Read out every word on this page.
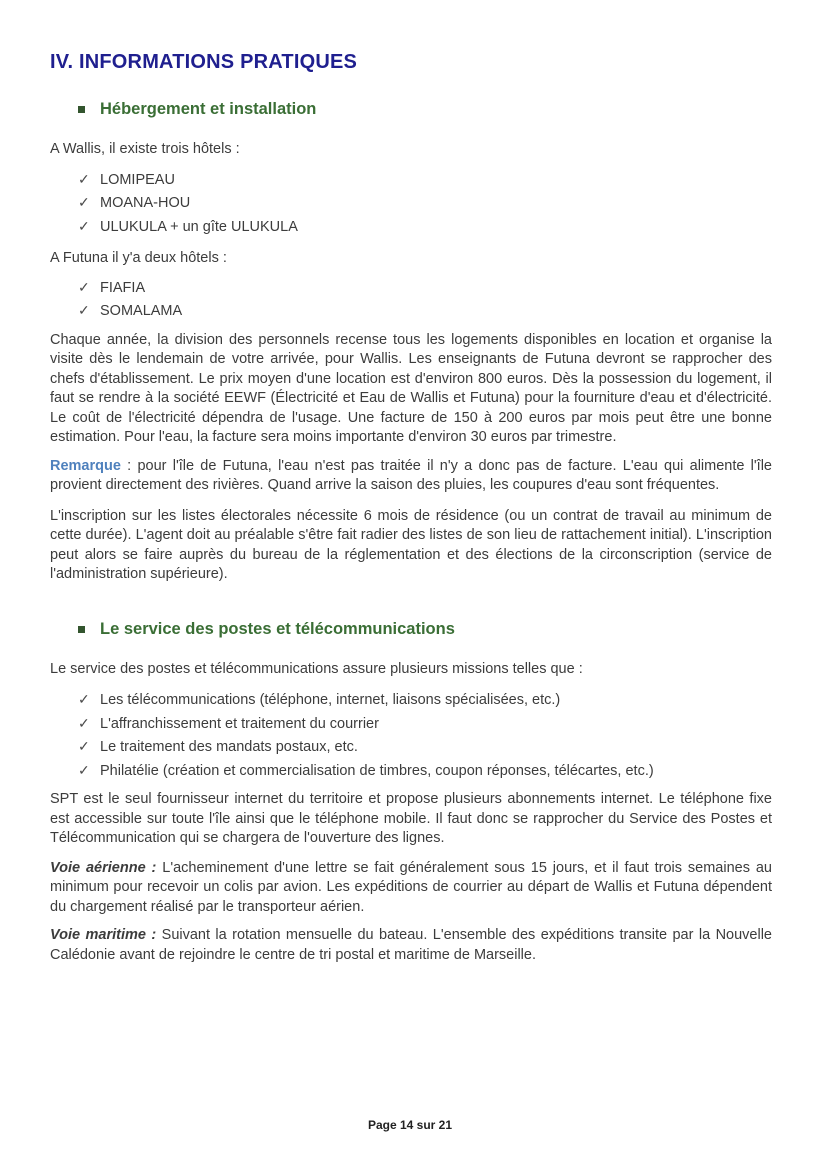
IV. INFORMATIONS PRATIQUES
Hébergement et installation

A Wallis, il existe trois hôtels :

✓ LOMIPEAU
✓ MOANA-HOU
✓ ULUKULA + un gîte ULUKULA

A Futuna il y'a deux hôtels :

✓ FIAFIA
✓ SOMALAMA

Chaque année, la division des personnels recense tous les logements disponibles en location et organise la visite dès le lendemain de votre arrivée, pour Wallis. Les enseignants de Futuna devront se rapprocher des chefs d'établissement. Le prix moyen d'une location est d'environ 800 euros. Dès la possession du logement, il faut se rendre à la société EEWF (Électricité et Eau de Wallis et Futuna) pour la fourniture d'eau et d'électricité. Le coût de l'électricité dépendra de l'usage. Une facture de 150 à 200 euros par mois peut être une bonne estimation. Pour l'eau, la facture sera moins importante d'environ 30 euros par trimestre.

Remarque : pour l'île de Futuna, l'eau n'est pas traitée il n'y a donc pas de facture. L'eau qui alimente l'île provient directement des rivières. Quand arrive la saison des pluies, les coupures d'eau sont fréquentes.

L'inscription sur les listes électorales nécessite 6 mois de résidence (ou un contrat de travail au minimum de cette durée). L'agent doit au préalable s'être fait radier des listes de son lieu de rattachement initial). L'inscription peut alors se faire auprès du bureau de la réglementation et des élections de la circonscription (service de l'administration supérieure).

Le service des postes et télécommunications

Le service des postes et télécommunications assure plusieurs missions telles que :

✓ Les télécommunications (téléphone, internet, liaisons spécialisées, etc.)
✓ L'affranchissement et traitement du courrier
✓ Le traitement des mandats postaux, etc.
✓ Philatélie (création et commercialisation de timbres, coupon réponses, télécartes, etc.)

SPT est le seul fournisseur internet du territoire et propose plusieurs abonnements internet. Le téléphone fixe est accessible sur toute l'île ainsi que le téléphone mobile. Il faut donc se rapprocher du Service des Postes et Télécommunication qui se chargera de l'ouverture des lignes.

Voie aérienne : L'acheminement d'une lettre se fait généralement sous 15 jours, et il faut trois semaines au minimum pour recevoir un colis par avion. Les expéditions de courrier au départ de Wallis et Futuna dépendent du chargement réalisé par le transporteur aérien.

Voie maritime : Suivant la rotation mensuelle du bateau. L'ensemble des expéditions transite par la Nouvelle Calédonie avant de rejoindre le centre de tri postal et maritime de Marseille.

Page 14 sur 21
